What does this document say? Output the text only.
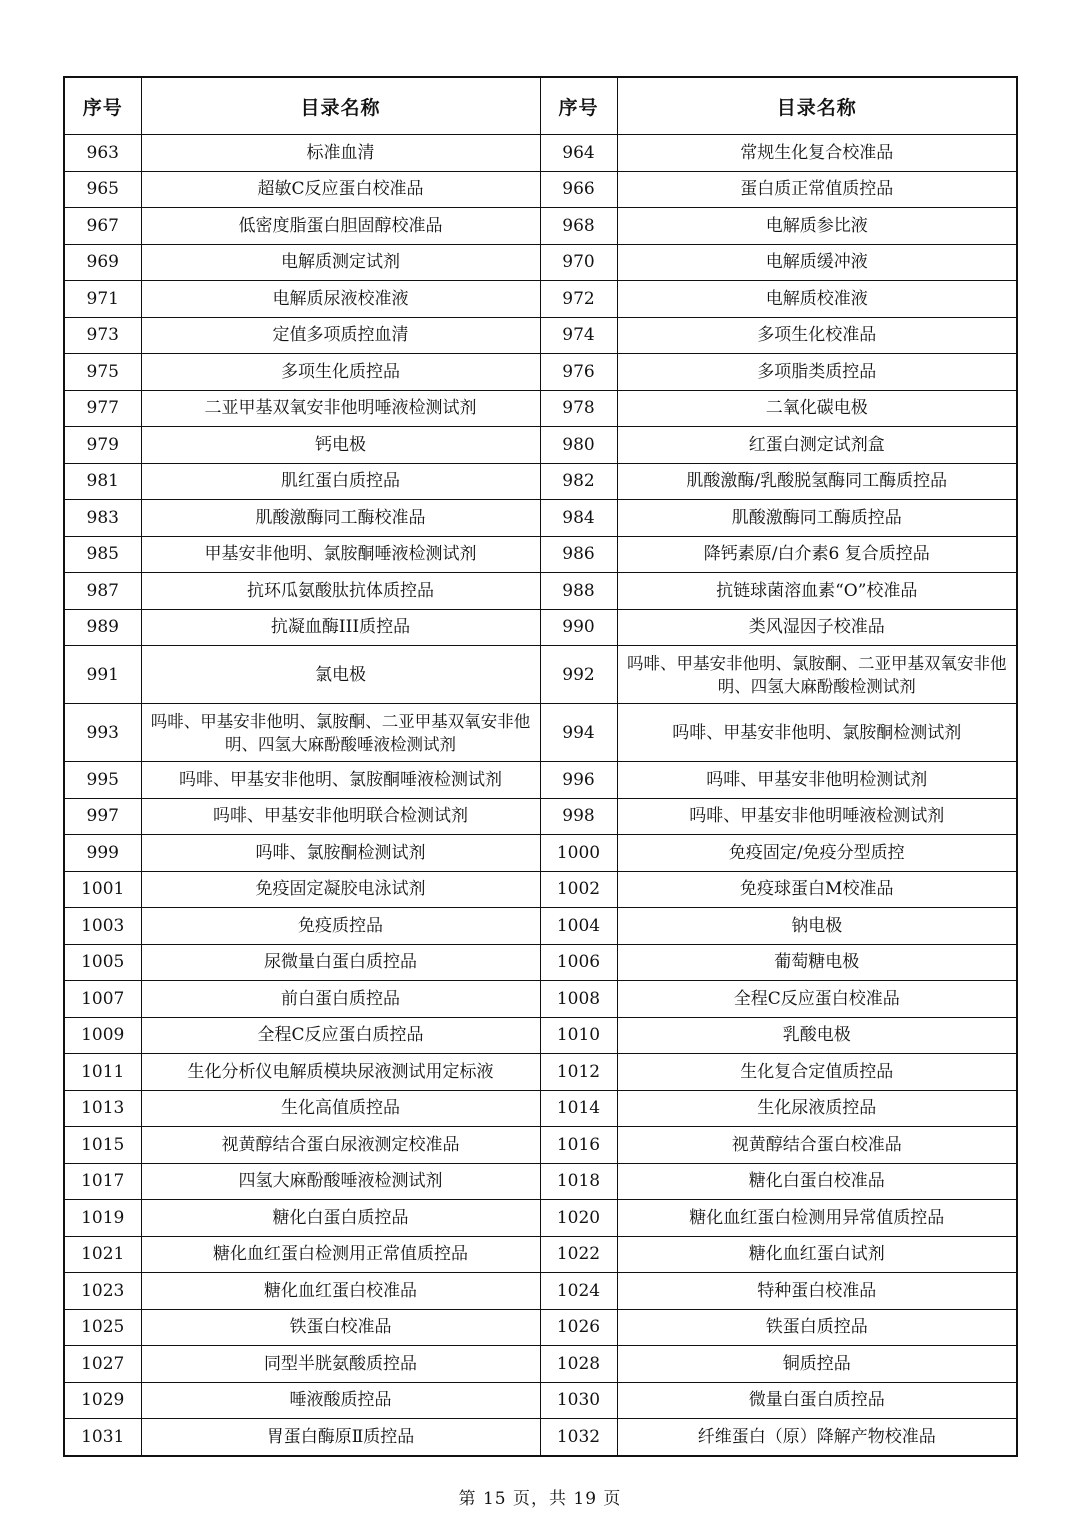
序号	目录名称	序号	目录名称
963	标准血清	964	常规生化复合校准品
965	超敏C反应蛋白校准品	966	蛋白质正常值质控品
967	低密度脂蛋白胆固醇校准品	968	电解质参比液
969	电解质测定试剂	970	电解质缓冲液
971	电解质尿液校准液	972	电解质校准液
973	定值多项质控血清	974	多项生化校准品
975	多项生化质控品	976	多项脂类质控品
977	二亚甲基双氧安非他明唾液检测试剂	978	二氧化碳电极
979	钙电极	980	红蛋白测定试剂盒
981	肌红蛋白质控品	982	肌酸激酶/乳酸脱氢酶同工酶质控品
983	肌酸激酶同工酶校准品	984	肌酸激酶同工酶质控品
985	甲基安非他明、氯胺酮唾液检测试剂	986	降钙素原/白介素6 复合质控品
987	抗环瓜氨酸肽抗体质控品	988	抗链球菌溶血素“O”校准品
989	抗凝血酶III质控品	990	类风湿因子校准品
991	氯电极	992	吗啡、甲基安非他明、氯胺酮、二亚甲基双氧安非他明、四氢大麻酚酸检测试剂
993	吗啡、甲基安非他明、氯胺酮、二亚甲基双氧安非他明、四氢大麻酚酸唾液检测试剂	994	吗啡、甲基安非他明、氯胺酮检测试剂
995	吗啡、甲基安非他明、氯胺酮唾液检测试剂	996	吗啡、甲基安非他明检测试剂
997	吗啡、甲基安非他明联合检测试剂	998	吗啡、甲基安非他明唾液检测试剂
999	吗啡、氯胺酮检测试剂	1000	免疫固定/免疫分型质控
1001	免疫固定凝胶电泳试剂	1002	免疫球蛋白M校准品
1003	免疫质控品	1004	钠电极
1005	尿微量白蛋白质控品	1006	葡萄糖电极
1007	前白蛋白质控品	1008	全程C反应蛋白校准品
1009	全程C反应蛋白质控品	1010	乳酸电极
1011	生化分析仪电解质模块尿液测试用定标液	1012	生化复合定值质控品
1013	生化高值质控品	1014	生化尿液质控品
1015	视黄醇结合蛋白尿液测定校准品	1016	视黄醇结合蛋白校准品
1017	四氢大麻酚酸唾液检测试剂	1018	糖化白蛋白校准品
1019	糖化白蛋白质控品	1020	糖化血红蛋白检测用异常值质控品
1021	糖化血红蛋白检测用正常值质控品	1022	糖化血红蛋白试剂
1023	糖化血红蛋白校准品	1024	特种蛋白校准品
1025	铁蛋白校准品	1026	铁蛋白质控品
1027	同型半胱氨酸质控品	1028	铜质控品
1029	唾液酸质控品	1030	微量白蛋白质控品
1031	胃蛋白酶原Ⅱ质控品	1032	纤维蛋白（原）降解产物校准品
第 15 页，共 19 页
